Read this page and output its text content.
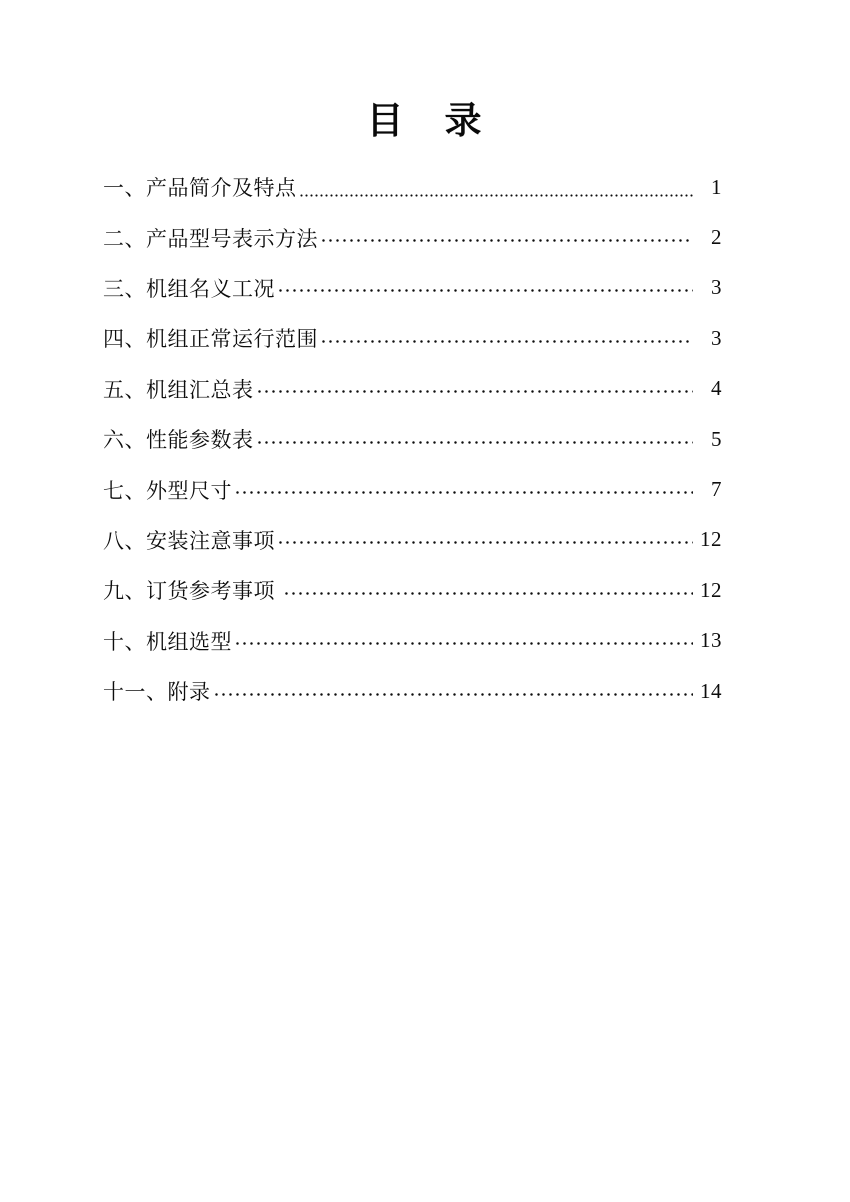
目　录
一、产品简介及特点	1
二、产品型号表示方法	2
三、机组名义工况	3
四、机组正常运行范围	3
五、机组汇总表	4
六、性能参数表	5
七、外型尺寸	7
八、安装注意事项	12
九、订货参考事项	12
十、机组选型	13
十一、附录	14
